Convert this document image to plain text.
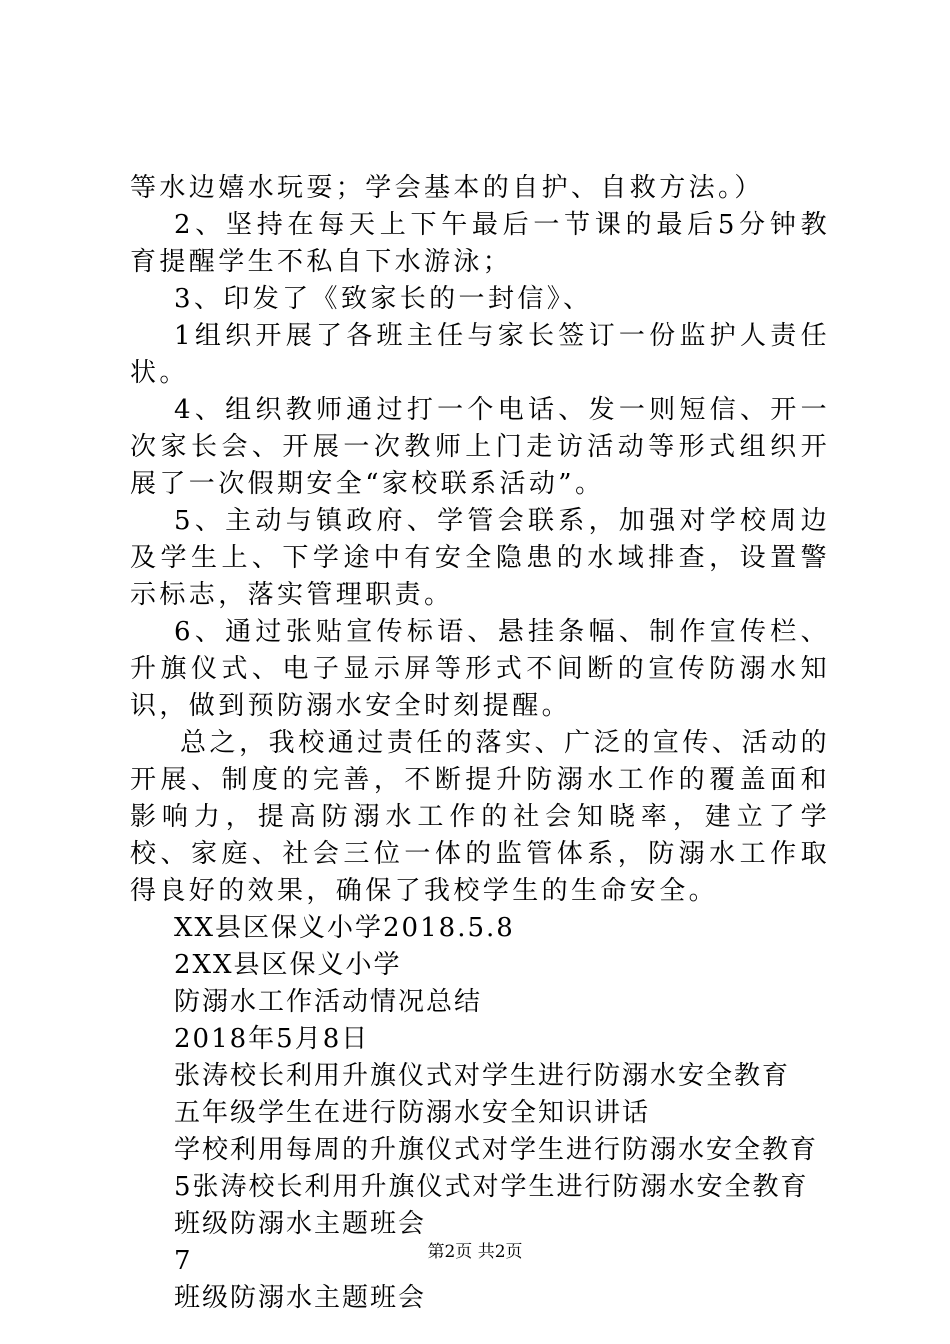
等水边嬉水玩耍；学会基本的自护、自救方法。）

2、坚持在每天上下午最后一节课的最后5分钟教育提醒学生不私自下水游泳；

3、印发了《致家长的一封信》、

1组织开展了各班主任与家长签订一份监护人责任状。

4、组织教师通过打一个电话、发一则短信、开一次家长会、开展一次教师上门走访活动等形式组织开展了一次假期安全“家校联系活动”。

5、主动与镇政府、学管会联系，加强对学校周边及学生上、下学途中有安全隐患的水域排查，设置警示标志，落实管理职责。

6、通过张贴宣传标语、悬挂条幅、制作宣传栏、升旗仪式、电子显示屏等形式不间断的宣传防溺水知识，做到预防溺水安全时刻提醒。

总之，我校通过责任的落实、广泛的宣传、活动的开展、制度的完善，不断提升防溺水工作的覆盖面和影响力，提高防溺水工作的社会知晓率，建立了学校、家庭、社会三位一体的监管体系，防溺水工作取得良好的效果，确保了我校学生的生命安全。

XX县区保义小学2018.5.8

2XX县区保义小学

防溺水工作活动情况总结

2018年5月8日

张涛校长利用升旗仪式对学生进行防溺水安全教育

五年级学生在进行防溺水安全知识讲话

学校利用每周的升旗仪式对学生进行防溺水安全教育

5张涛校长利用升旗仪式对学生进行防溺水安全教育

班级防溺水主题班会

7

班级防溺水主题班会

第2页 共2页
